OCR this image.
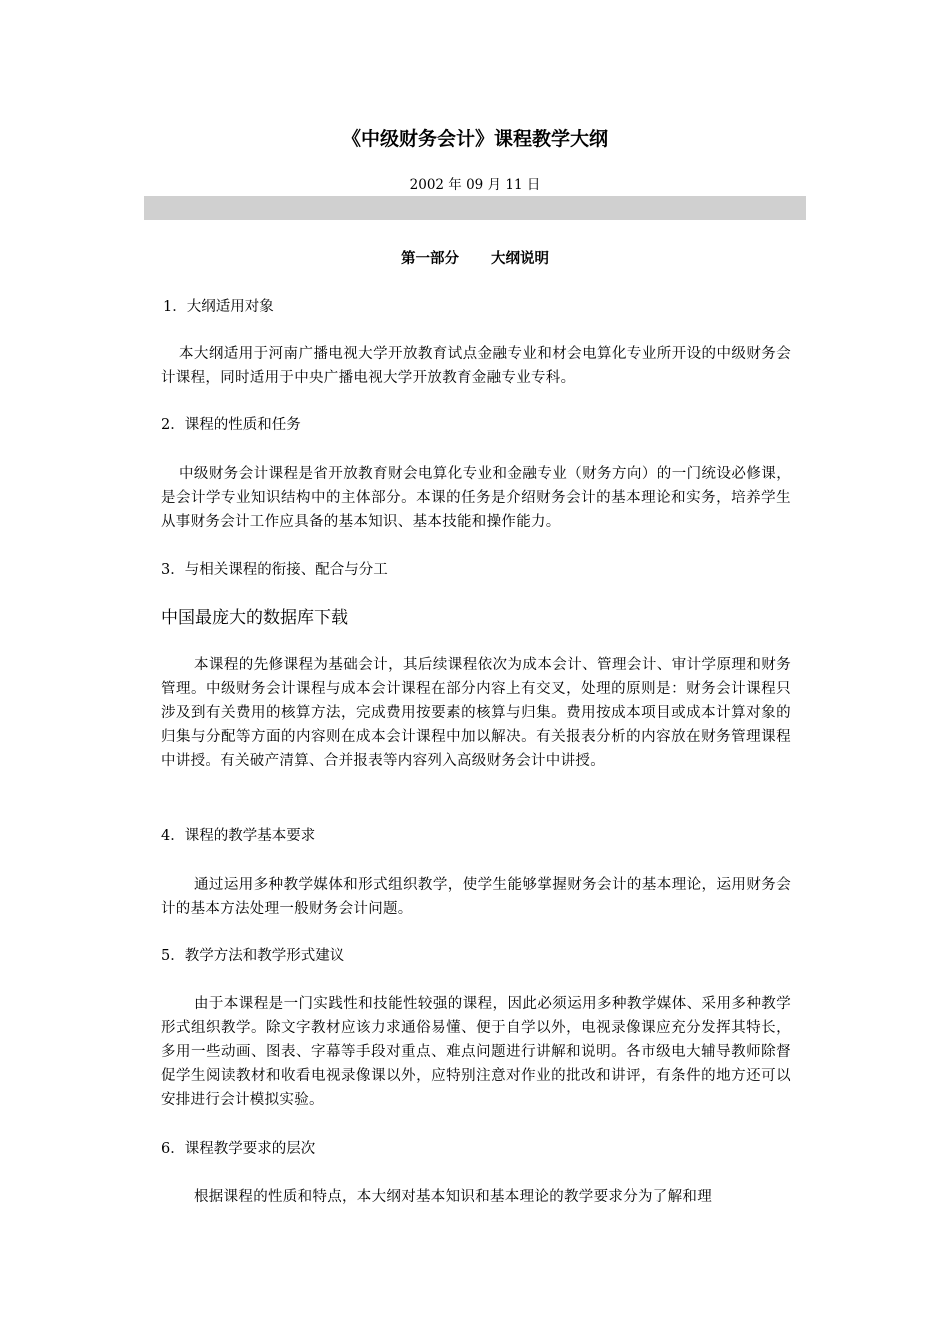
《中级财务会计》课程教学大纲
2002 年 09 月 11 日
第一部分 大纲说明
1．大纲适用对象
本大纲适用于河南广播电视大学开放教育试点金融专业和材会电算化专业所开设的中级财务会计课程，同时适用于中央广播电视大学开放教育金融专业专科。
2．课程的性质和任务
中级财务会计课程是省开放教育财会电算化专业和金融专业（财务方向）的一门统设必修课，是会计学专业知识结构中的主体部分。本课的任务是介绍财务会计的基本理论和实务，培养学生从事财务会计工作应具备的基本知识、基本技能和操作能力。
3．与相关课程的衔接、配合与分工
中国最庞大的数据库下载
本课程的先修课程为基础会计，其后续课程依次为成本会计、管理会计、审计学原理和财务管理。中级财务会计课程与成本会计课程在部分内容上有交叉，处理的原则是：财务会计课程只涉及到有关费用的核算方法，完成费用按要素的核算与归集。费用按成本项目或成本计算对象的归集与分配等方面的内容则在成本会计课程中加以解决。有关报表分析的内容放在财务管理课程中讲授。有关破产清算、合并报表等内容列入高级财务会计中讲授。
4．课程的教学基本要求
通过运用多种教学媒体和形式组织教学，使学生能够掌握财务会计的基本理论，运用财务会计的基本方法处理一般财务会计问题。
5．教学方法和教学形式建议
由于本课程是一门实践性和技能性较强的课程，因此必须运用多种教学媒体、采用多种教学形式组织教学。除文字教材应该力求通俗易懂、便于自学以外，电视录像课应充分发挥其特长，多用一些动画、图表、字幕等手段对重点、难点问题进行讲解和说明。各市级电大辅导教师除督促学生阅读教材和收看电视录像课以外，应特别注意对作业的批改和讲评，有条件的地方还可以安排进行会计模拟实验。
6．课程教学要求的层次
根据课程的性质和特点，本大纲对基本知识和基本理论的教学要求分为了解和理
